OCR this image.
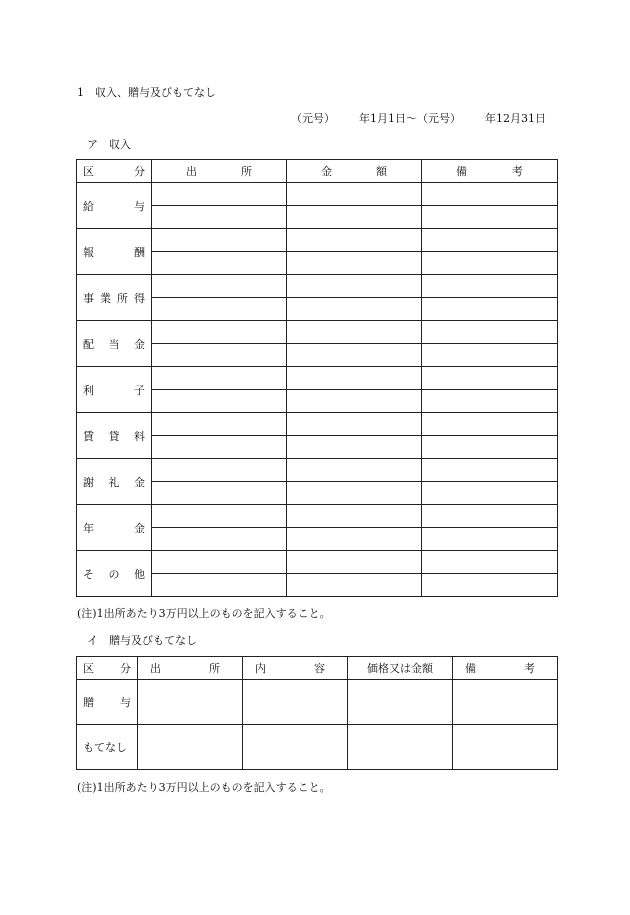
1　収入、贈与及びもてなし
（元号） 年1月1日～（元号） 年12月31日
ア　収入
区 分	出 所	金 額	備 考

給 与			

報 酬			

事 業 所 得			

配 当 金			

利 子			

賃 貸 料			

謝 礼 金			

年 金			

そ の 他			

(注)1出所あたり3万円以上のものを記入すること。
イ　贈与及びもてなし
区 分	出 所	内 容	価格又は金額	備 考

贈 与				

もてなし				

(注)1出所あたり3万円以上のものを記入すること。
